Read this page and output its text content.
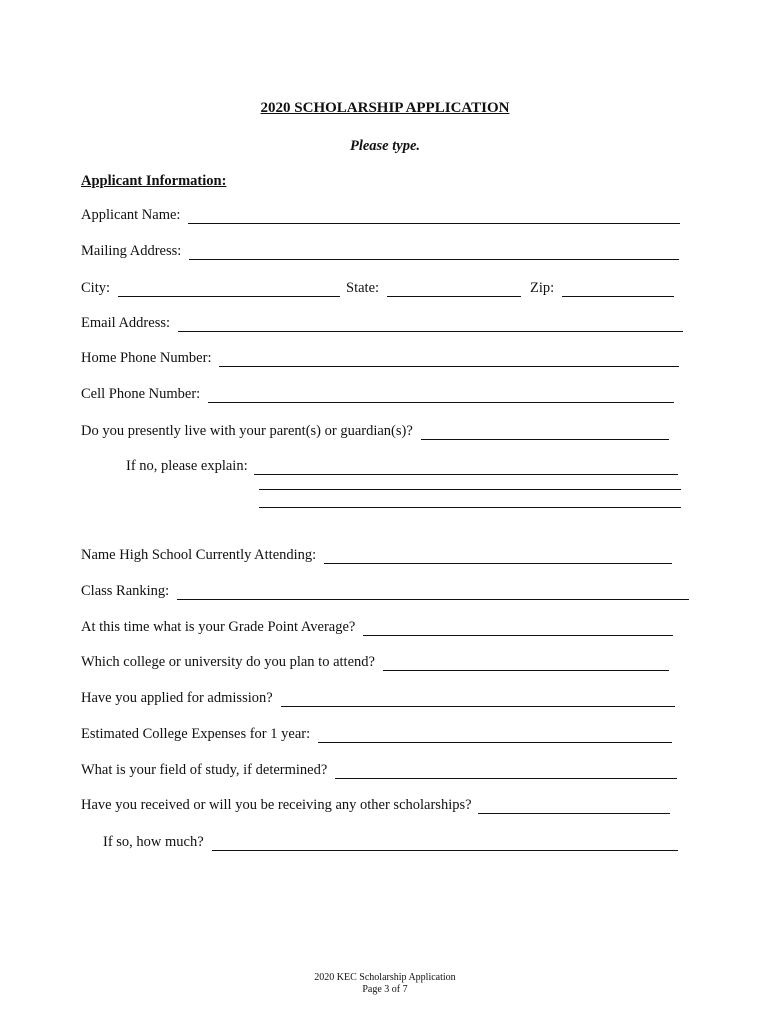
2020 SCHOLARSHIP APPLICATION
Please type.
Applicant Information:
Applicant Name:
Mailing Address:
City:	State:	Zip:
Email Address:
Home Phone Number:
Cell Phone Number:
Do you presently live with your parent(s) or guardian(s)?
If no, please explain:
Name High School Currently Attending:
Class Ranking:
At this time what is your Grade Point Average?
Which college or university do you plan to attend?
Have you applied for admission?
Estimated College Expenses for 1 year:
What is your field of study, if determined?
Have you received or will you be receiving any other scholarships?
If so, how much?
2020 KEC Scholarship Application
Page 3 of 7
